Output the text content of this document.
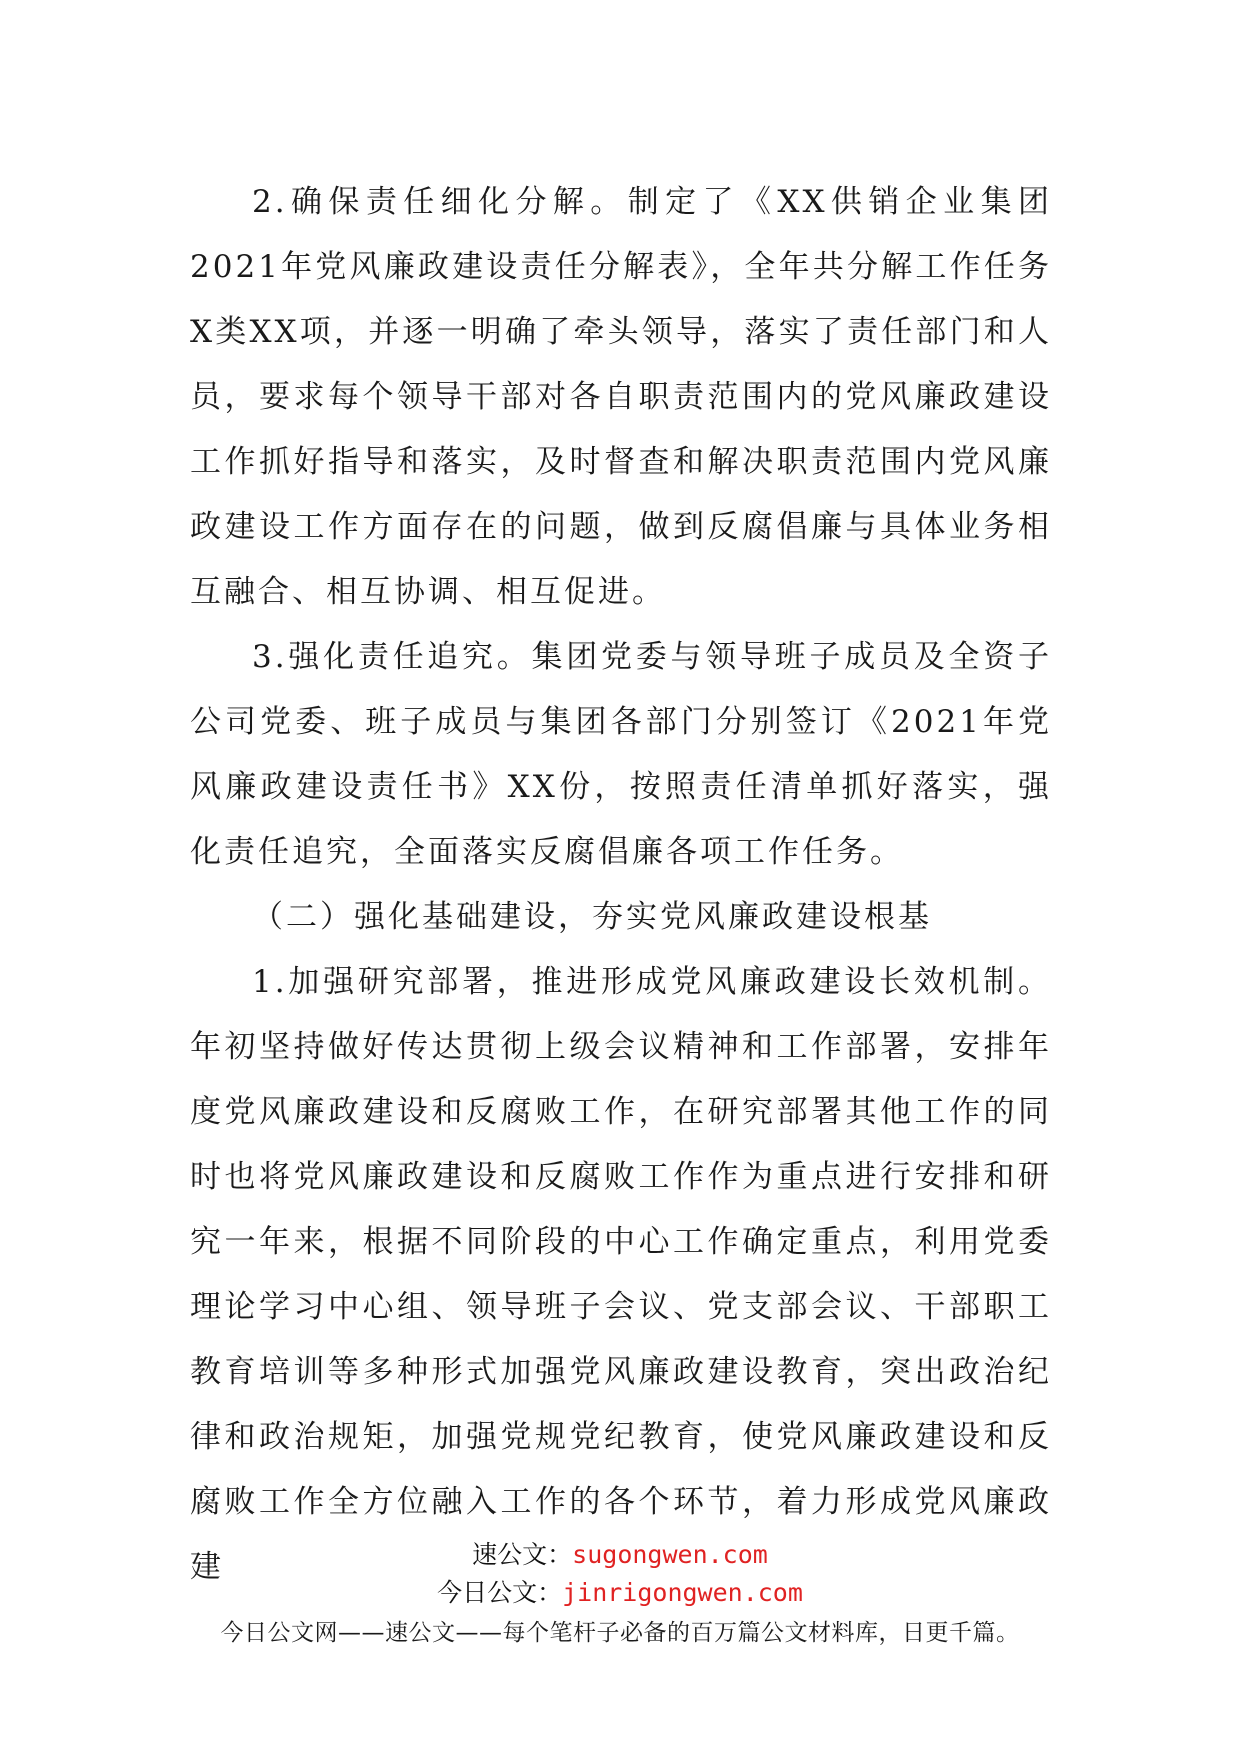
2.确保责任细化分解。制定了《XX供销企业集团2021年党风廉政建设责任分解表》，全年共分解工作任务X类XX项，并逐一明确了牵头领导，落实了责任部门和人员，要求每个领导干部对各自职责范围内的党风廉政建设工作抓好指导和落实，及时督查和解决职责范围内党风廉政建设工作方面存在的问题，做到反腐倡廉与具体业务相互融合、相互协调、相互促进。

3.强化责任追究。集团党委与领导班子成员及全资子公司党委、班子成员与集团各部门分别签订《2021年党风廉政建设责任书》XX份，按照责任清单抓好落实，强化责任追究，全面落实反腐倡廉各项工作任务。

（二）强化基础建设，夯实党风廉政建设根基

1.加强研究部署，推进形成党风廉政建设长效机制。年初坚持做好传达贯彻上级会议精神和工作部署，安排年度党风廉政建设和反腐败工作，在研究部署其他工作的同时也将党风廉政建设和反腐败工作作为重点进行安排和研究一年来，根据不同阶段的中心工作确定重点，利用党委理论学习中心组、领导班子会议、党支部会议、干部职工教育培训等多种形式加强党风廉政建设教育，突出政治纪律和政治规矩，加强党规党纪教育，使党风廉政建设和反腐败工作全方位融入工作的各个环节，着力形成党风廉政建	速公文：sugongwen.com
今日公文：jinrigongwen.com
今日公文网——速公文——每个笔杆子必备的百万篇公文材料库，日更千篇。
